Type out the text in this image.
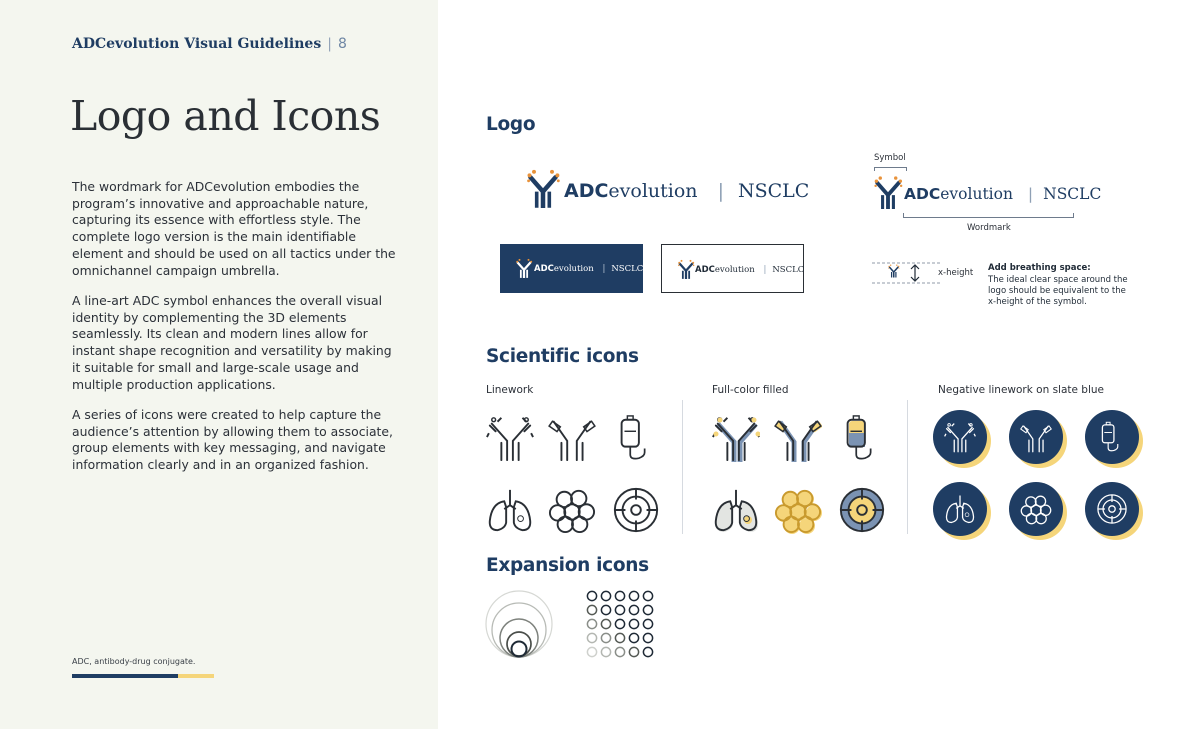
ADCevolution Visual Guidelines | 8
Logo and Icons
The wordmark for ADCevolution embodies the program’s innovative and approachable nature, capturing its essence with effortless style. The complete logo version is the main identifiable element and should be used on all tactics under the omnichannel campaign umbrella.
A line-art ADC symbol enhances the overall visual identity by complementing the 3D elements seamlessly. Its clean and modern lines allow for instant shape recognition and versatility by making it suitable for small and large-scale usage and multiple production applications.
A series of icons were created to help capture the audience’s attention by allowing them to associate, group elements with key messaging, and navigate information clearly and in an organized fashion.
ADC, antibody-drug conjugate.
Logo
ADCevolution | NSCLC
Symbol
ADCevolution | NSCLC
Wordmark
ADCevolution | NSCLC	ADCevolution | NSCLC	x-height Add breathing space:
The ideal clear space around the logo should be equivalent to the x-height of the symbol.
Scientific icons
Linework	Full-color filled	Negative linework on slate blue
Expansion icons
